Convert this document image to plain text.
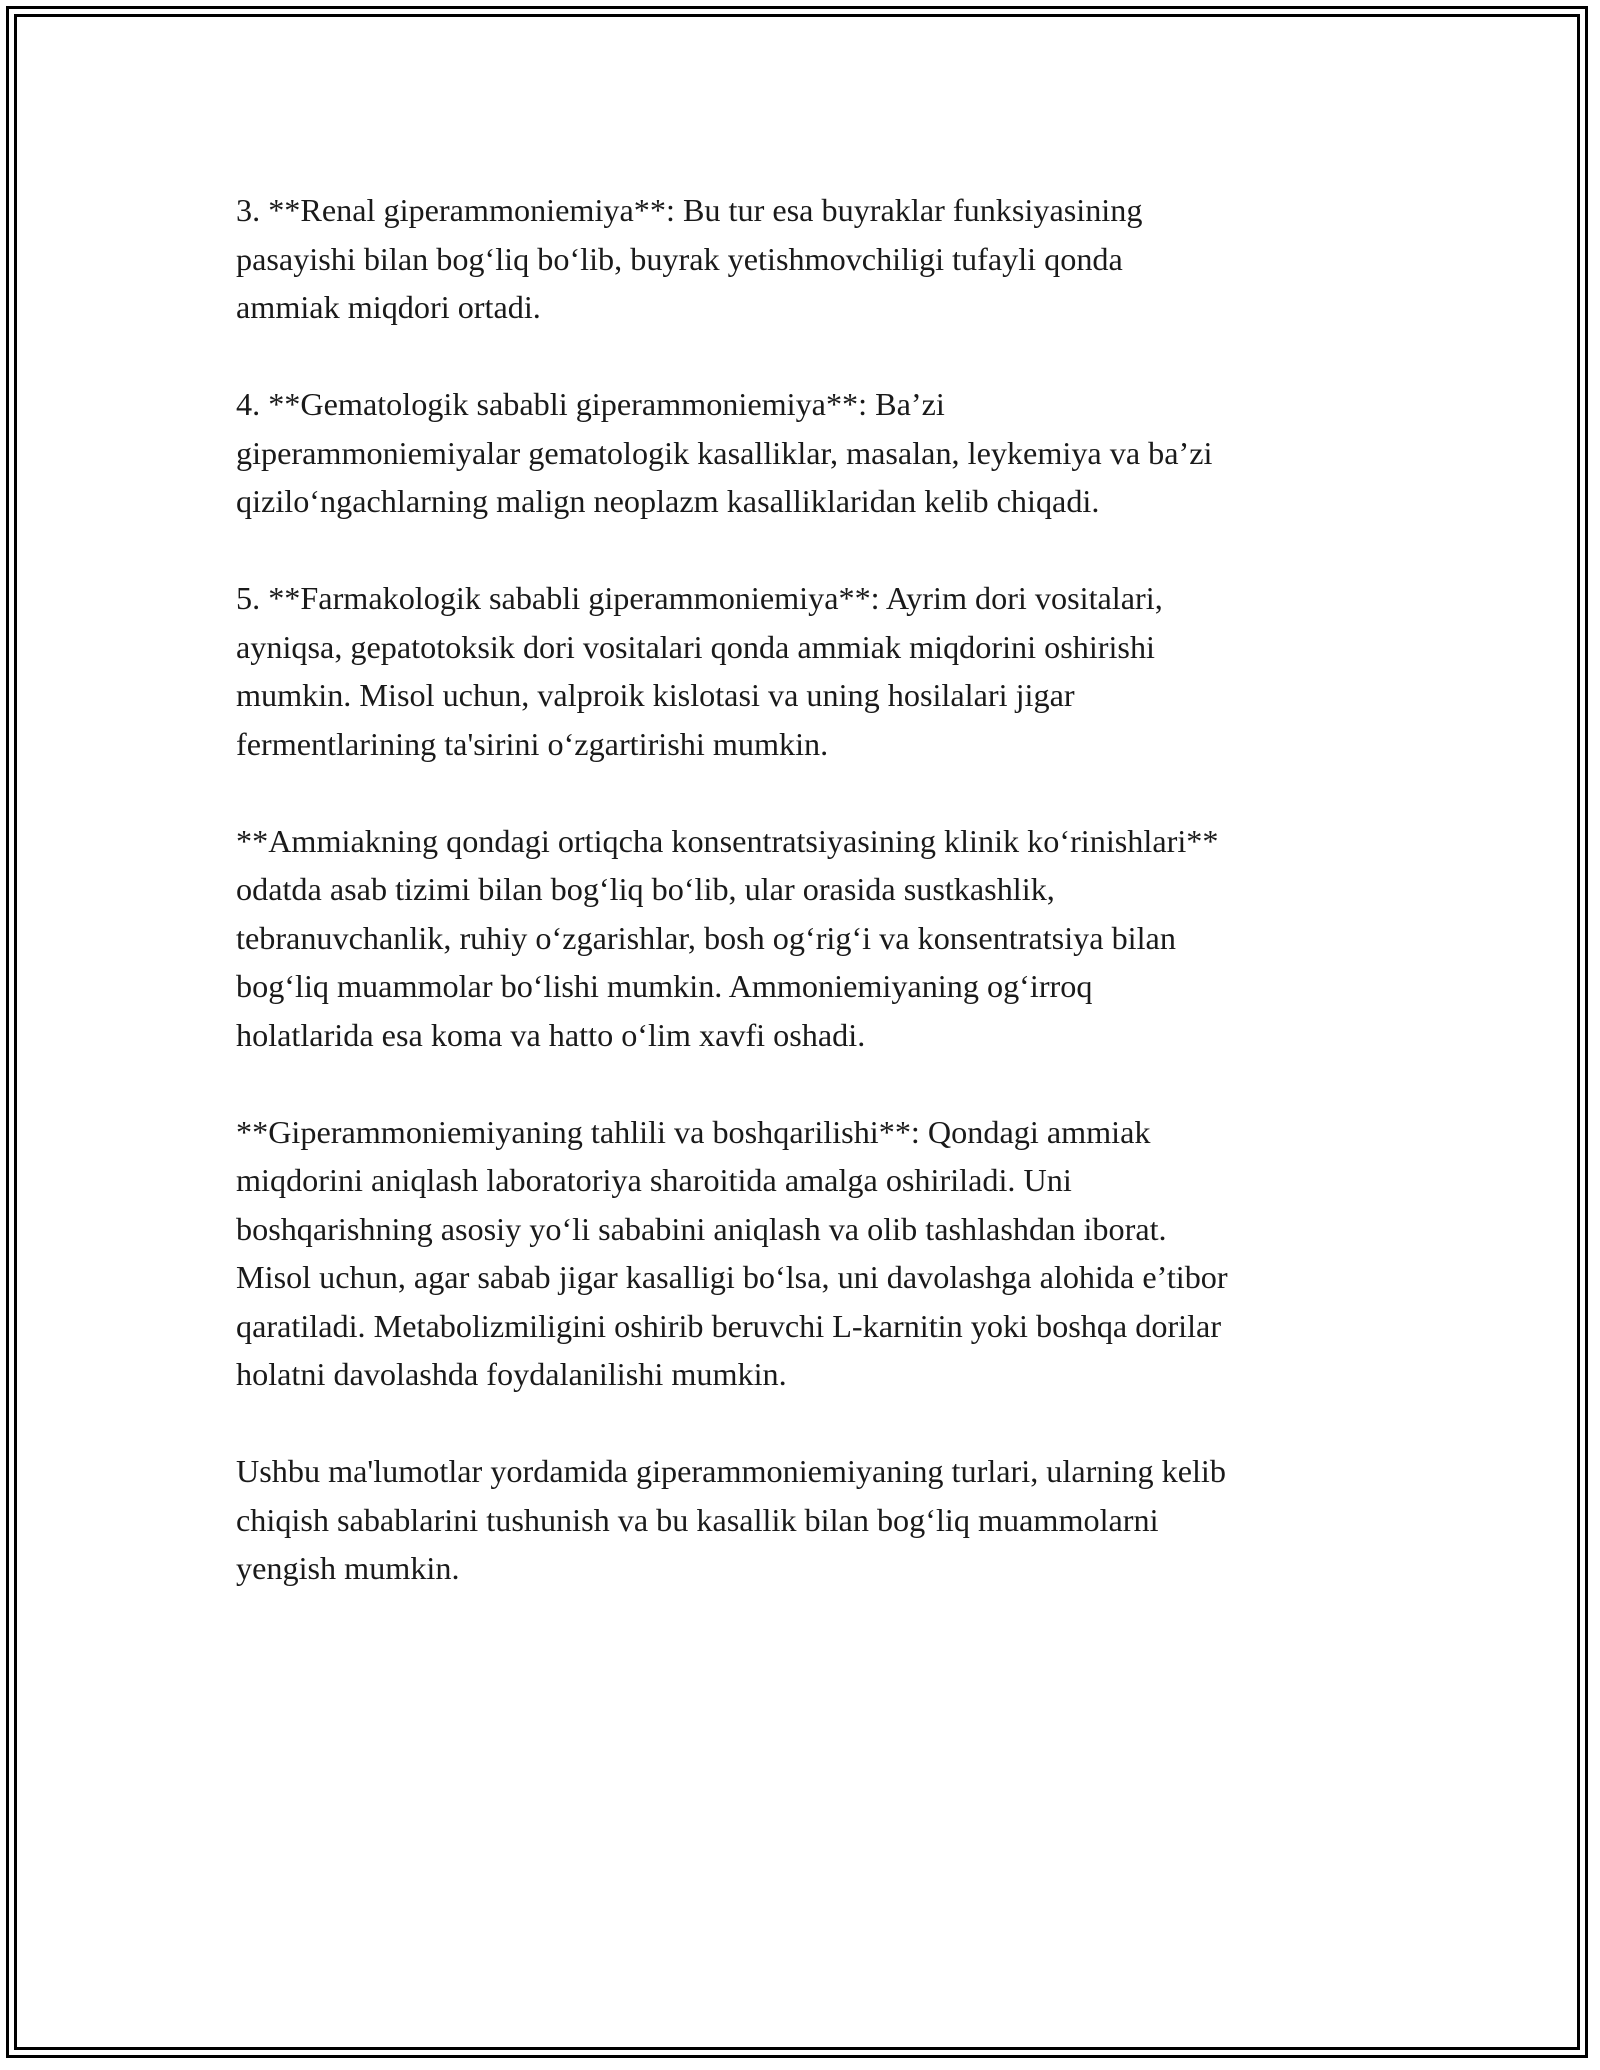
3. **Renal giperammoniemiya**: Bu tur esa buyraklar funksiyasining
pasayishi bilan bog‘liq bo‘lib, buyrak yetishmovchiligi tufayli qonda
ammiak miqdori ortadi.

4. **Gematologik sababli giperammoniemiya**: Ba’zi
giperammoniemiyalar gematologik kasalliklar, masalan, leykemiya va ba’zi
qizilo‘ngachlarning malign neoplazm kasalliklaridan kelib chiqadi.

5. **Farmakologik sababli giperammoniemiya**: Ayrim dori vositalari,
ayniqsa, gepatotoksik dori vositalari qonda ammiak miqdorini oshirishi
mumkin. Misol uchun, valproik kislotasi va uning hosilalari jigar
fermentlarining ta'sirini o‘zgartirishi mumkin.

**Ammiakning qondagi ortiqcha konsentratsiyasining klinik ko‘rinishlari**
odatda asab tizimi bilan bog‘liq bo‘lib, ular orasida sustkashlik,
tebranuvchanlik, ruhiy o‘zgarishlar, bosh og‘rig‘i va konsentratsiya bilan
bog‘liq muammolar bo‘lishi mumkin. Ammoniemiyaning og‘irroq
holatlarida esa koma va hatto o‘lim xavfi oshadi.

**Giperammoniemiyaning tahlili va boshqarilishi**: Qondagi ammiak
miqdorini aniqlash laboratoriya sharoitida amalga oshiriladi. Uni
boshqarishning asosiy yo‘li sababini aniqlash va olib tashlashdan iborat.
Misol uchun, agar sabab jigar kasalligi bo‘lsa, uni davolashga alohida e’tibor
qaratiladi. Metabolizmiligini oshirib beruvchi L-karnitin yoki boshqa dorilar
holatni davolashda foydalanilishi mumkin.

Ushbu ma'lumotlar yordamida giperammoniemiyaning turlari, ularning kelib
chiqish sabablarini tushunish va bu kasallik bilan bog‘liq muammolarni
yengish mumkin.
